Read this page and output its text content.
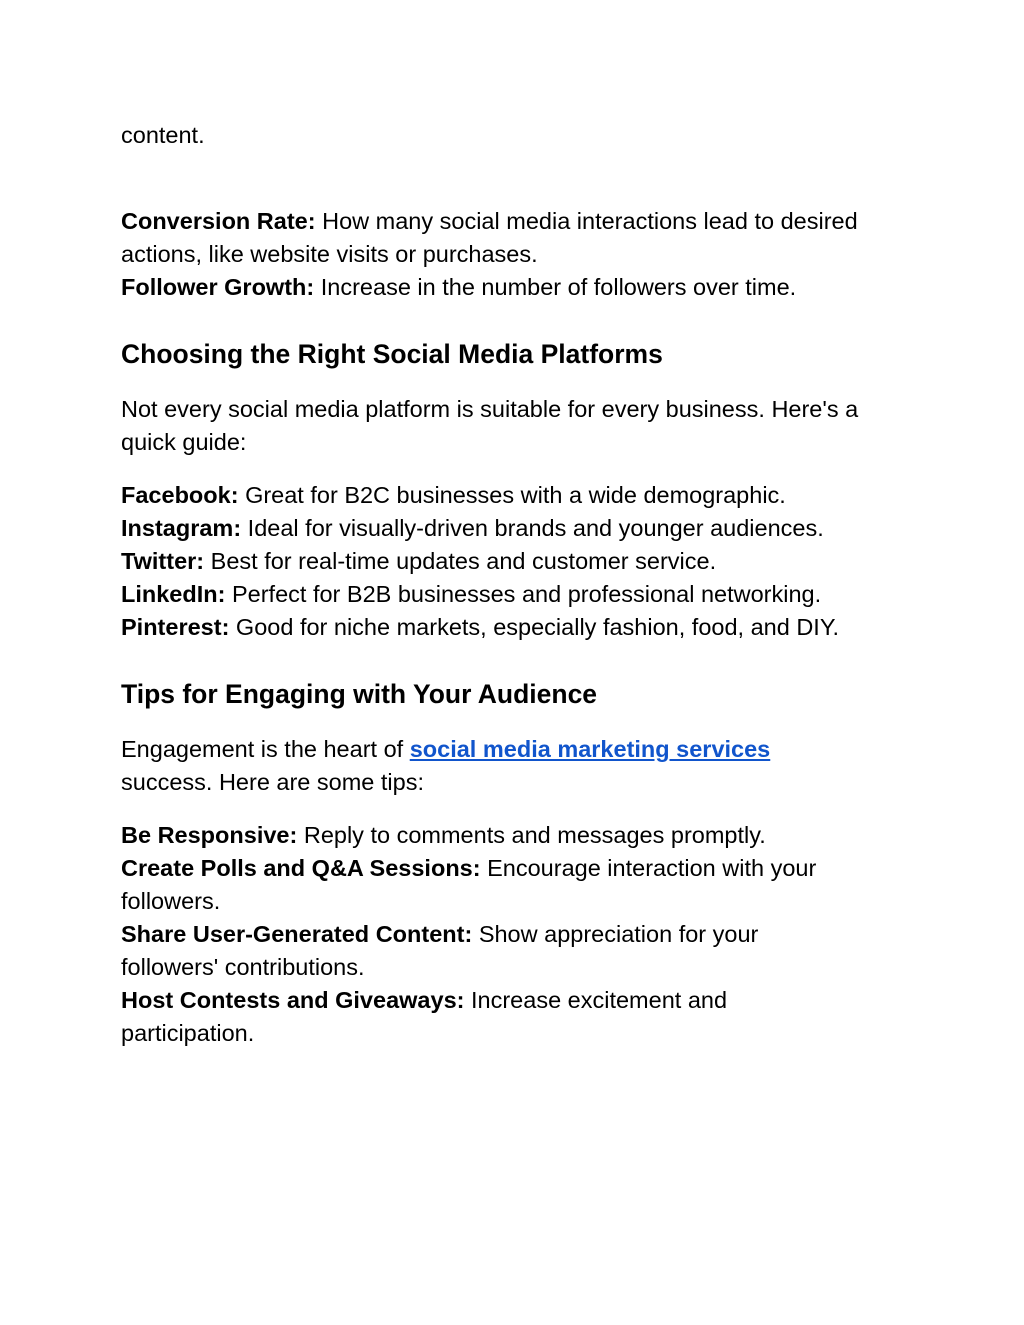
content.

Conversion Rate: How many social media interactions lead to desired actions, like website visits or purchases.

Follower Growth: Increase in the number of followers over time.

Choosing the Right Social Media Platforms

Not every social media platform is suitable for every business. Here's a quick guide:

Facebook: Great for B2C businesses with a wide demographic.

Instagram: Ideal for visually-driven brands and younger audiences.

Twitter: Best for real-time updates and customer service.

LinkedIn: Perfect for B2B businesses and professional networking.

Pinterest: Good for niche markets, especially fashion, food, and DIY.

Tips for Engaging with Your Audience

Engagement is the heart of social media marketing services

success. Here are some tips:

Be Responsive: Reply to comments and messages promptly.

Create Polls and Q&A Sessions: Encourage interaction with your followers.

Share User-Generated Content: Show appreciation for your followers' contributions.

Host Contests and Giveaways: Increase excitement and participation.
